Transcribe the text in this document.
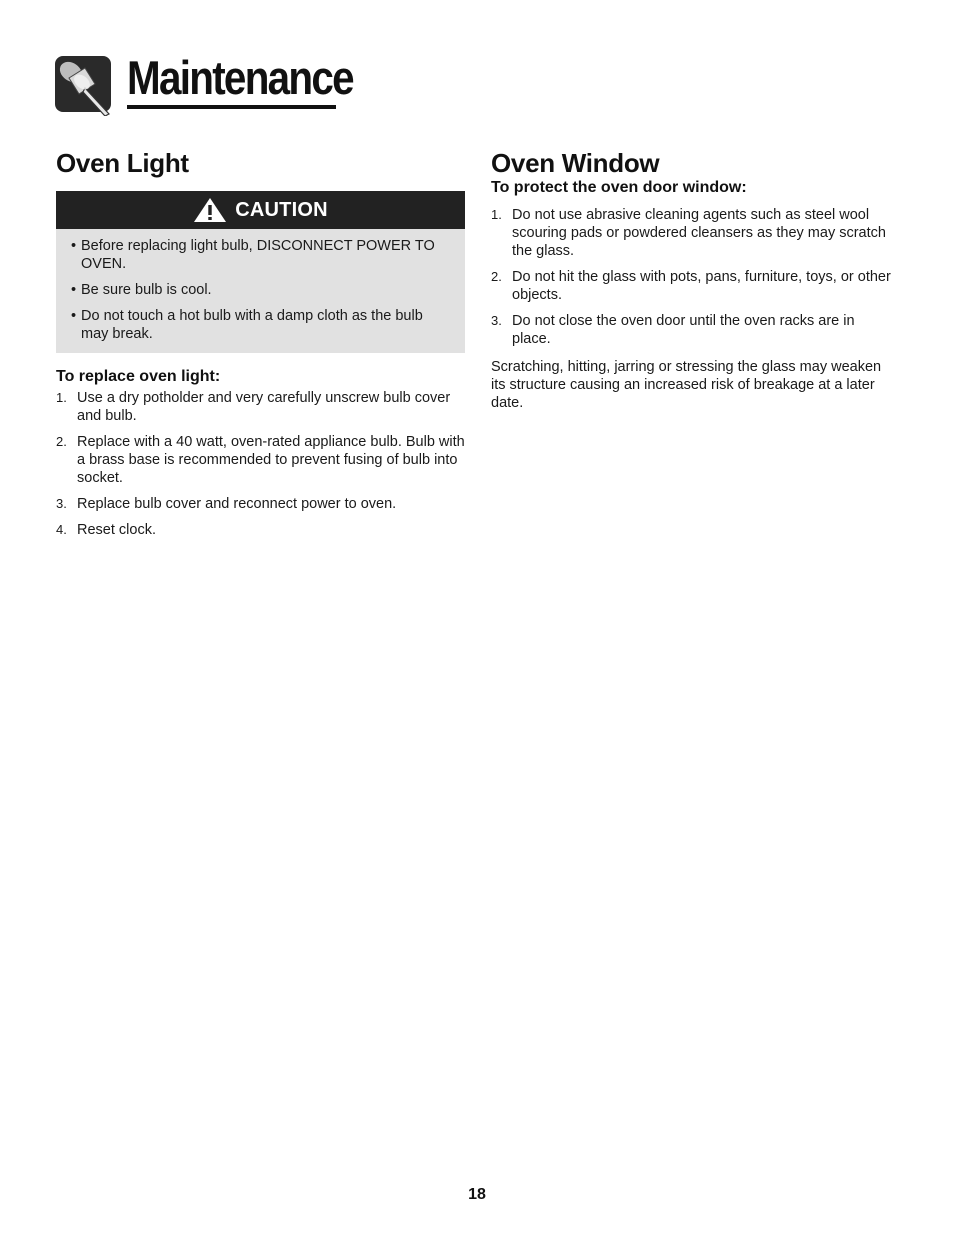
Maintenance
Oven Light
CAUTION
• Before replacing light bulb, DISCONNECT POWER TO OVEN.
• Be sure bulb is cool.
• Do not touch a hot bulb with a damp cloth as the bulb may break.
To replace oven light:
1. Use a dry potholder and very carefully unscrew bulb cover and bulb.
2. Replace with a 40 watt, oven-rated appliance bulb. Bulb with a brass base is recommended to prevent fusing of bulb into socket.
3. Replace bulb cover and reconnect power to oven.
4. Reset clock.
Oven Window
To protect the oven door window:
1. Do not use abrasive cleaning agents such as steel wool scouring pads or powdered cleansers as they may scratch the glass.
2. Do not hit the glass with pots, pans, furniture, toys, or other objects.
3. Do not close the oven door until the oven racks are in place.
Scratching, hitting, jarring or stressing the glass may weaken its structure causing an increased risk of breakage at a later date.
18
